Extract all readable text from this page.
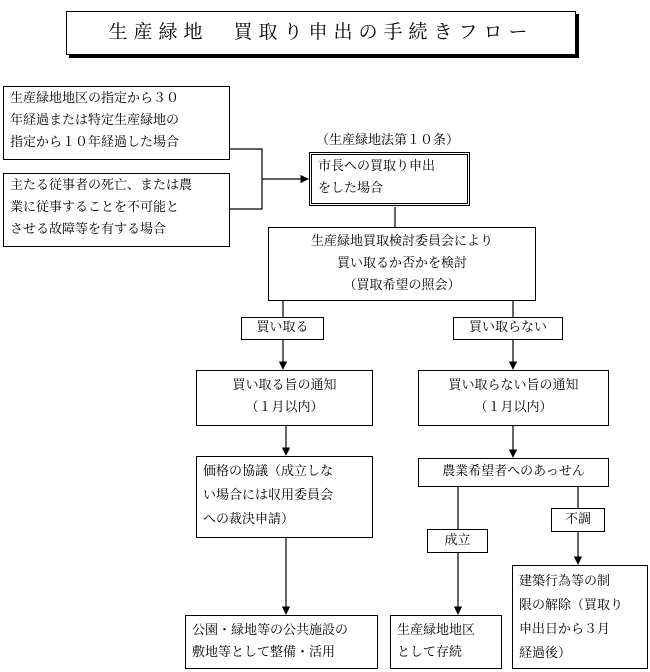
生産緑地　買取り申出の手続きフロー
生産緑地地区の指定から３０
年経過または特定生産緑地の
指定から１０年経過した場合
主たる従事者の死亡、または農
業に従事することを不可能と
させる故障等を有する場合
（生産緑地法第１０条）
市長への買取り申出
をした場合
生産緑地買取検討委員会により
買い取るか否かを検討
（買取希望の照会）
買い取る	買い取らない
買い取る旨の通知
（１月以内）
買い取らない旨の通知
（１月以内）
価格の協議（成立しな
い場合には収用委員会
への裁決申請）
農業希望者へのあっせん
成立
不調
公園・緑地等の公共施設の
敷地等として整備・活用
生産緑地地区
として存続
建築行為等の制
限の解除（買取り
申出日から３月
経過後）
